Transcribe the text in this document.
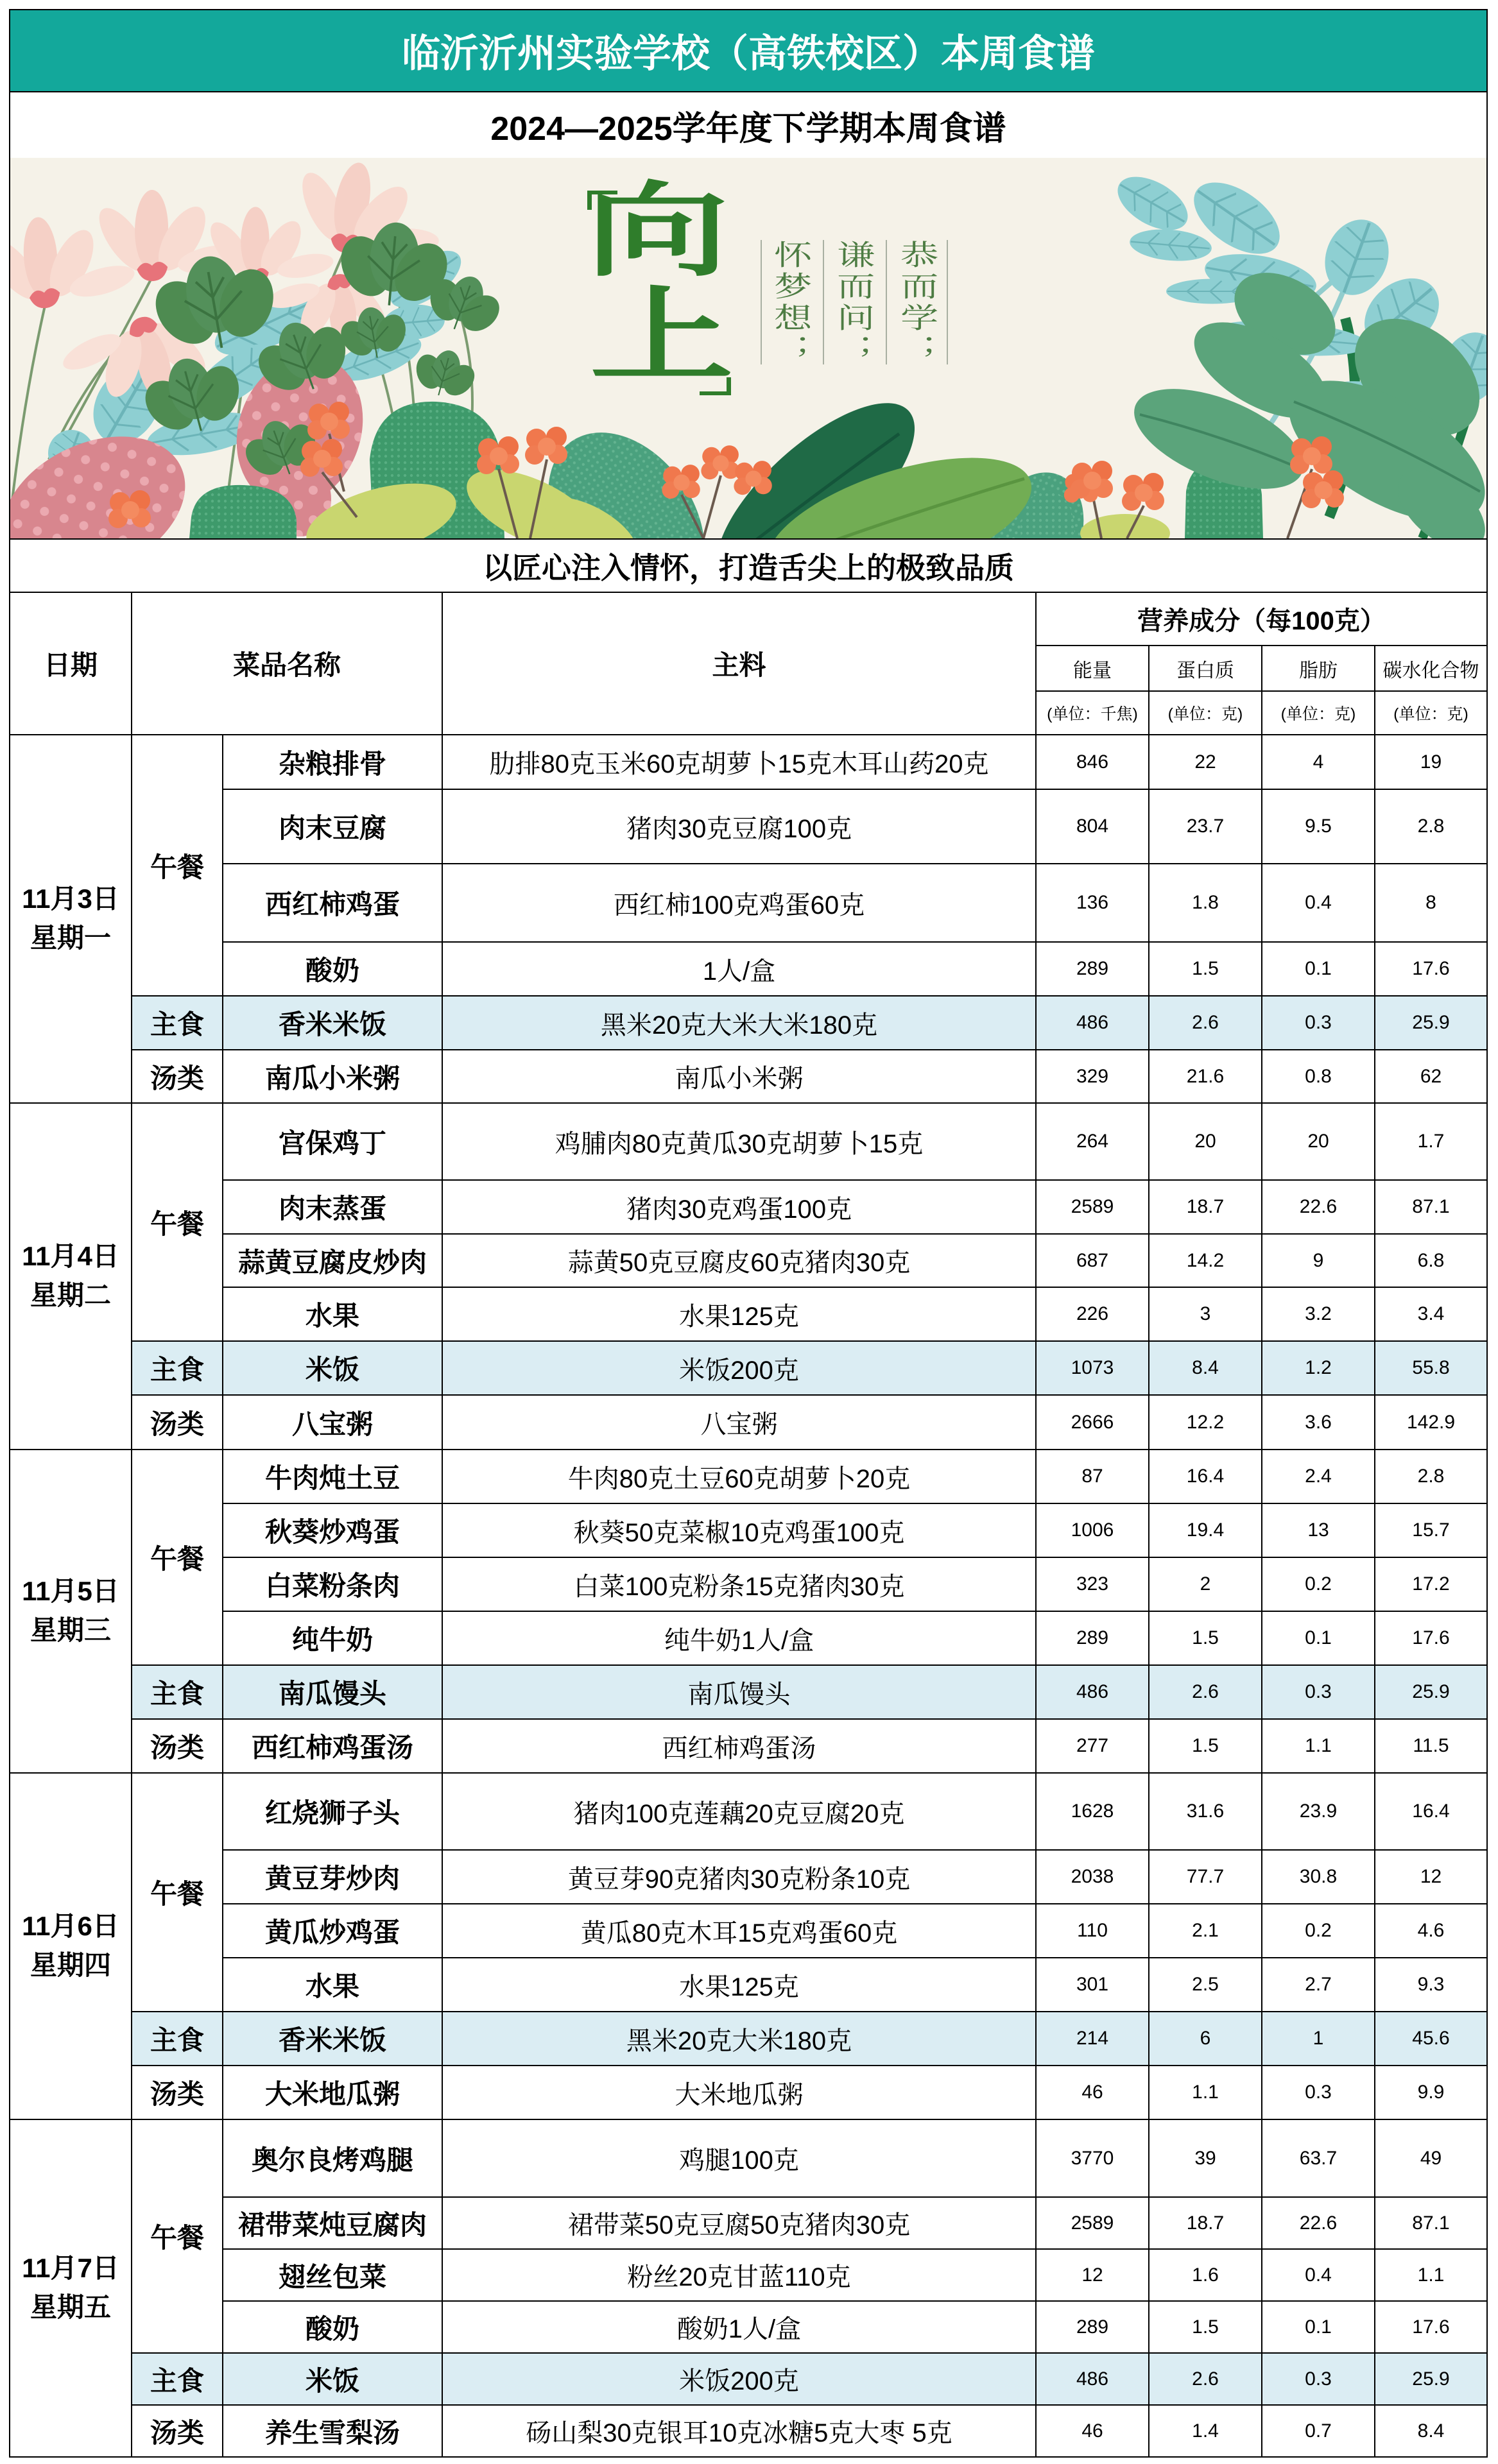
临沂沂州实验学校（高铁校区）本周食谱
2024—2025学年度下学期本周食谱
向
上 怀梦想； 谦而问； 恭而学；
以匠心注入情怀，打造舌尖上的极致品质
日期	菜品名称	主料
营养成分（每100克）
能量	蛋白质	脂肪	碳水化合物
(单位：千焦)	(单位：克)	(单位：克)	(单位：克)
11月3日
星期一
午餐
杂粮排骨	肋排80克玉米60克胡萝卜15克木耳山药20克	846	22	4	19
肉末豆腐	猪肉30克豆腐100克	804	23.7	9.5	2.8
西红柿鸡蛋	西红柿100克鸡蛋60克	136	1.8	0.4	8
酸奶	1人/盒	289	1.5	0.1	17.6
主食	香米米饭	黑米20克大米大米180克	486	2.6	0.3	25.9
汤类	南瓜小米粥	南瓜小米粥	329	21.6	0.8	62
11月4日
星期二
午餐
宫保鸡丁	鸡脯肉80克黄瓜30克胡萝卜15克	264	20	20	1.7
肉末蒸蛋	猪肉30克鸡蛋100克	2589	18.7	22.6	87.1
蒜黄豆腐皮炒肉	蒜黄50克豆腐皮60克猪肉30克	687	14.2	9	6.8
水果	水果125克	226	3	3.2	3.4
主食	米饭	米饭200克	1073	8.4	1.2	55.8
汤类	八宝粥	八宝粥	2666	12.2	3.6	142.9
11月5日
星期三
午餐
牛肉炖土豆	牛肉80克土豆60克胡萝卜20克	87	16.4	2.4	2.8
秋葵炒鸡蛋	秋葵50克菜椒10克鸡蛋100克	1006	19.4	13	15.7
白菜粉条肉	白菜100克粉条15克猪肉30克	323	2	0.2	17.2
纯牛奶	纯牛奶1人/盒	289	1.5	0.1	17.6
主食	南瓜馒头	南瓜馒头	486	2.6	0.3	25.9
汤类	西红柿鸡蛋汤	西红柿鸡蛋汤	277	1.5	1.1	11.5
11月6日
星期四
午餐
红烧狮子头	猪肉100克莲藕20克豆腐20克	1628	31.6	23.9	16.4
黄豆芽炒肉	黄豆芽90克猪肉30克粉条10克	2038	77.7	30.8	12
黄瓜炒鸡蛋	黄瓜80克木耳15克鸡蛋60克	110	2.1	0.2	4.6
水果	水果125克	301	2.5	2.7	9.3
主食	香米米饭	黑米20克大米180克	214	6	1	45.6
汤类	大米地瓜粥	大米地瓜粥	46	1.1	0.3	9.9
11月7日
星期五
午餐
奥尔良烤鸡腿	鸡腿100克	3770	39	63.7	49
裙带菜炖豆腐肉	裙带菜50克豆腐50克猪肉30克	2589	18.7	22.6	87.1
翅丝包菜	粉丝20克甘蓝110克	12	1.6	0.4	1.1
酸奶	酸奶1人/盒	289	1.5	0.1	17.6
主食	米饭	米饭200克	486	2.6	0.3	25.9
汤类	养生雪梨汤	砀山梨30克银耳10克冰糖5克大枣 5克	46	1.4	0.7	8.4
